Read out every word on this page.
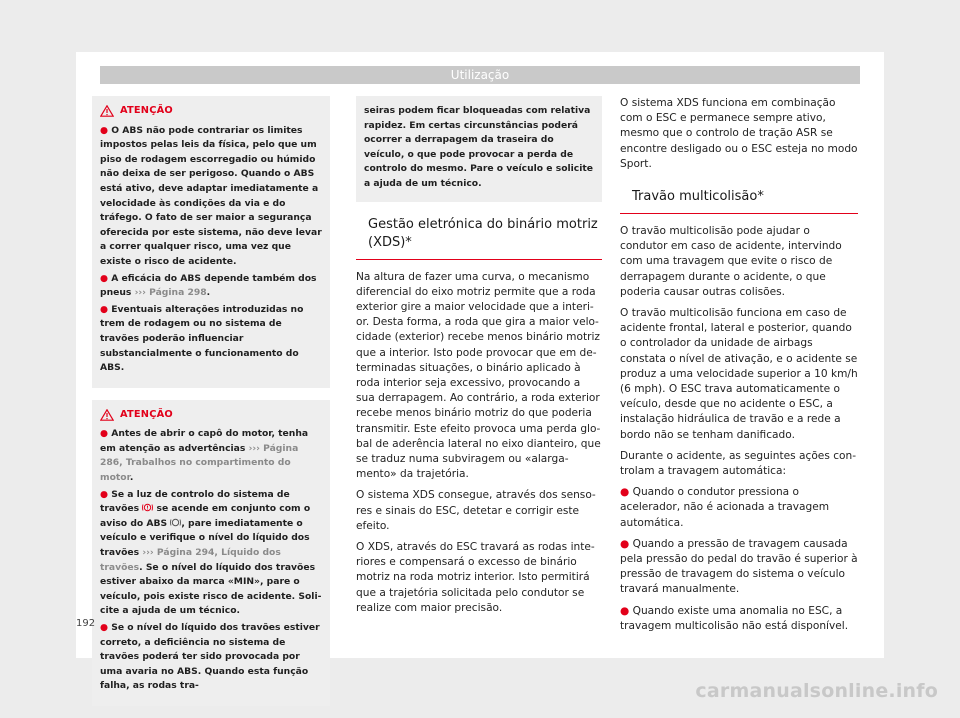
Utilização
ATENÇÃO

● O ABS não pode contrariar os limites impostos pelas leis da física, pelo que um piso de rodagem escorregadio ou húmido não deixa de ser perigoso. Quando o ABS está ativo, deve adaptar imediatamente a velocidade às condições da via e do tráfego. O fato de ser maior a segurança oferecida por este sistema, não deve levar a correr qualquer risco, uma vez que existe o risco de acidente.

● A eficácia do ABS depende também dos pneus ››› Página 298.

● Eventuais alterações introduzidas no trem de rodagem ou no sistema de travões poderão influenciar substancialmente o funcionamento do ABS.

ATENÇÃO

● Antes de abrir o capô do motor, tenha em atenção as advertências ››› Página 286, Trabalhos no compartimento do motor.

● Se a luz de controlo do sistema de travões se acende em conjunto com o aviso do ABS , pare imediatamente o veículo e verifique o nível do líquido dos travões ››› Página 294, Líquido dos travões. Se o nível do líquido dos travões estiver abaixo da marca «MIN», pare o veículo, pois existe risco de acidente. Solicite a ajuda de um técnico.

● Se o nível do líquido dos travões estiver correto, a deficiência no sistema de travões poderá ter sido provocada por uma avaria no ABS. Quando esta função falha, as rodas tra-

seiras podem ficar bloqueadas com relativa rapidez. Em certas circunstâncias poderá ocorrer a derrapagem da traseira do veículo, o que pode provocar a perda de controlo do mesmo. Pare o veículo e solicite a ajuda de um técnico.

Gestão eletrónica do binário motriz (XDS)*

Na altura de fazer uma curva, o mecanismo diferencial do eixo motriz permite que a roda exterior gire a maior velocidade que a interior. Desta forma, a roda que gira a maior velocidade (exterior) recebe menos binário motriz que a interior. Isto pode provocar que em determinadas situações, o binário aplicado à roda interior seja excessivo, provocando a sua derrapagem. Ao contrário, a roda exterior recebe menos binário motriz do que poderia transmitir. Este efeito provoca uma perda global de aderência lateral no eixo dianteiro, que se traduz numa subviragem ou «alargamento» da trajetória.

O sistema XDS consegue, através dos sensores e sinais do ESC, detetar e corrigir este efeito.

O XDS, através do ESC travará as rodas interiores e compensará o excesso de binário motriz na roda motriz interior. Isto permitirá que a trajetória solicitada pelo condutor se realize com maior precisão.

O sistema XDS funciona em combinação com o ESC e permanece sempre ativo, mesmo que o controlo de tração ASR se encontre desligado ou o ESC esteja no modo Sport.

Travão multicolisão*

O travão multicolisão pode ajudar o condutor em caso de acidente, intervindo com uma travagem que evite o risco de derrapagem durante o acidente, o que poderia causar outras colisões.

O travão multicolisão funciona em caso de acidente frontal, lateral e posterior, quando o controlador da unidade de airbags constata o nível de ativação, e o acidente se produz a uma velocidade superior a 10 km/h (6 mph). O ESC trava automaticamente o veículo, desde que no acidente o ESC, a instalação hidráulica de travão e a rede a bordo não se tenham danificado.

Durante o acidente, as seguintes ações controlam a travagem automática:

● Quando o condutor pressiona o acelerador, não é acionada a travagem automática.

● Quando a pressão de travagem causada pela pressão do pedal do travão é superior à pressão de travagem do sistema o veículo travará manualmente.

● Quando existe uma anomalia no ESC, a travagem multicolisão não está disponível.

192
carmanualsonline.info
